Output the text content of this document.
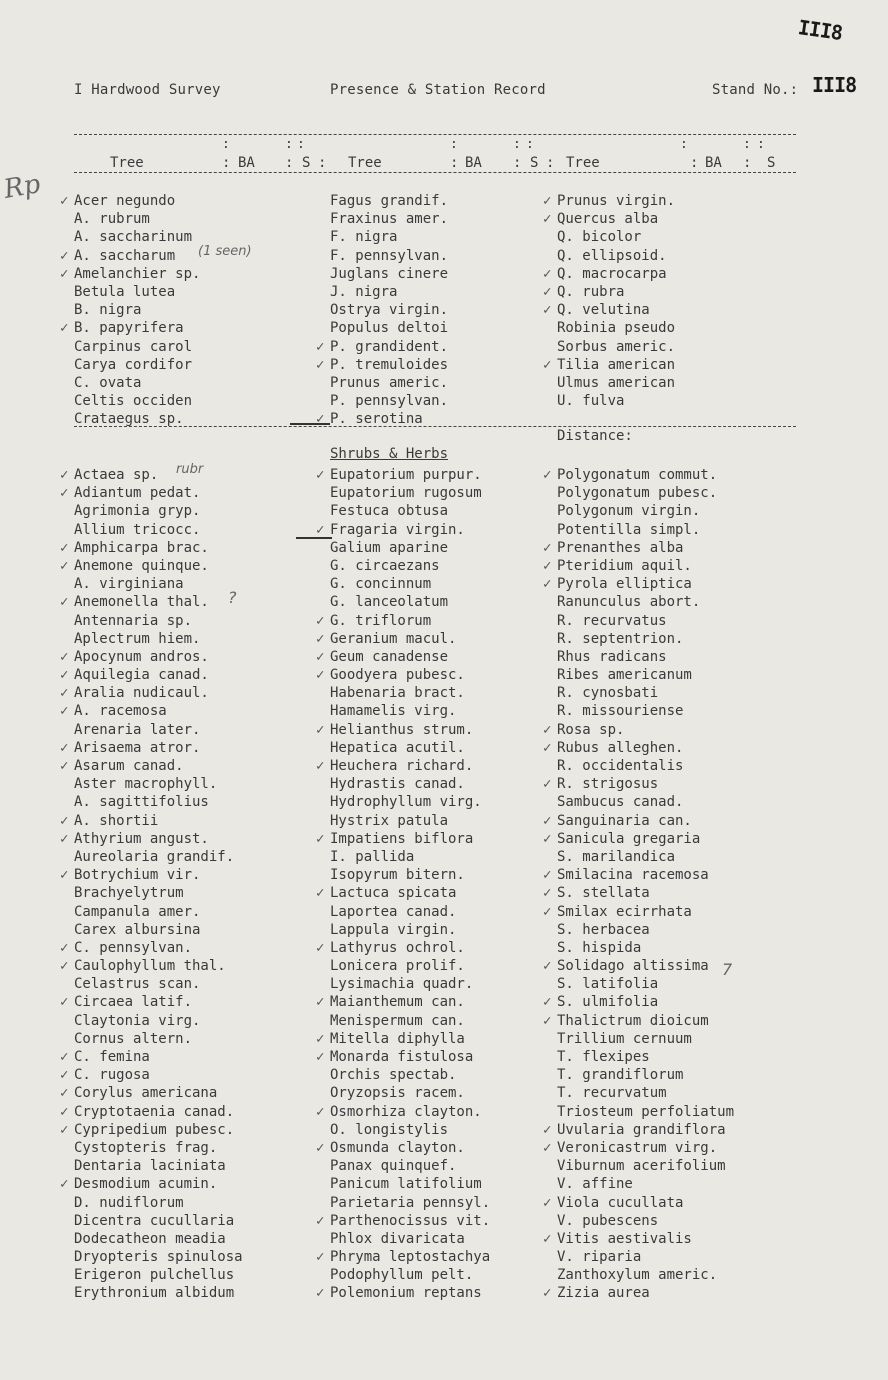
III8
I Hardwood Survey	Presence & Station Record	Stand No.: III8
Rp
:	: :	:	: :	:	: :
Tree	: BA : S : Tree	: BA : S : Tree	: BA : S
✓ Acer negundo
A. rubrum
A. saccharinum
✓ A. saccharum
✓ Amelanchier sp.
Betula lutea
B. nigra
✓ B. papyrifera
Carpinus carol
Carya cordifor
C. ovata
Celtis occiden
Crataegus sp.
Fagus grandif.
Fraxinus amer.
F. nigra
F. pennsylvan.
Juglans cinere
J. nigra
Ostrya virgin.
Populus deltoi
✓ P. grandident.
✓ P. tremuloides
Prunus americ.
P. pennsylvan.
✓ P. serotina
✓ Prunus virgin.
✓ Quercus alba
Q. bicolor
Q. ellipsoid.
✓ Q. macrocarpa
✓ Q. rubra
✓ Q. velutina
Robinia pseudo
Sorbus americ.
✓ Tilia american
Ulmus american
U. fulva
(1 seen)
Distance:
Shrubs & Herbs
✓ Actaea sp.
✓ Adiantum pedat.
Agrimonia gryp.
Allium tricocc.
✓ Amphicarpa brac.
✓ Anemone quinque.
A. virginiana
✓ Anemonella thal.
Antennaria sp.
Aplectrum hiem.
✓ Apocynum andros.
✓ Aquilegia canad.
✓ Aralia nudicaul.
✓ A. racemosa
Arenaria later.
✓ Arisaema atror.
✓ Asarum canad.
Aster macrophyll.
A. sagittifolius
✓ A. shortii
✓ Athyrium angust.
Aureolaria grandif.
✓ Botrychium vir.
Brachyelytrum
Campanula amer.
Carex albursina
✓ C. pennsylvan.
✓ Caulophyllum thal.
Celastrus scan.
✓ Circaea latif.
Claytonia virg.
Cornus altern.
✓ C. femina
✓ C. rugosa
✓ Corylus americana
✓ Cryptotaenia canad.
✓ Cypripedium pubesc.
Cystopteris frag.
Dentaria laciniata
✓ Desmodium acumin.
D. nudiflorum
Dicentra cucullaria
Dodecatheon meadia
Dryopteris spinulosa
Erigeron pulchellus
Erythronium albidum
✓ Eupatorium purpur.
Eupatorium rugosum
Festuca obtusa
✓ Fragaria virgin.
Galium aparine
G. circaezans
G. concinnum
G. lanceolatum
✓ G. triflorum
✓ Geranium macul.
✓ Geum canadense
✓ Goodyera pubesc.
Habenaria bract.
Hamamelis virg.
✓ Helianthus strum.
Hepatica acutil.
✓ Heuchera richard.
Hydrastis canad.
Hydrophyllum virg.
Hystrix patula
✓ Impatiens biflora
I. pallida
Isopyrum bitern.
✓ Lactuca spicata
Laportea canad.
Lappula virgin.
✓ Lathyrus ochrol.
Lonicera prolif.
Lysimachia quadr.
✓ Maianthemum can.
Menispermum can.
✓ Mitella diphylla
✓ Monarda fistulosa
Orchis spectab.
Oryzopsis racem.
✓ Osmorhiza clayton.
O. longistylis
✓ Osmunda clayton.
Panax quinquef.
Panicum latifolium
Parietaria pennsyl.
✓ Parthenocissus vit.
Phlox divaricata
✓ Phryma leptostachya
Podophyllum pelt.
✓ Polemonium reptans
✓ Polygonatum commut.
Polygonatum pubesc.
Polygonum virgin.
Potentilla simpl.
✓ Prenanthes alba
✓ Pteridium aquil.
✓ Pyrola elliptica
Ranunculus abort.
R. recurvatus
R. septentrion.
Rhus radicans
Ribes americanum
R. cynosbati
R. missouriense
✓ Rosa sp.
✓ Rubus alleghen.
R. occidentalis
✓ R. strigosus
Sambucus canad.
✓ Sanguinaria can.
✓ Sanicula gregaria
S. marilandica
✓ Smilacina racemosa
✓ S. stellata
✓ Smilax ecirrhata
S. herbacea
S. hispida
✓ Solidago altissima
S. latifolia
✓ S. ulmifolia
✓ Thalictrum dioicum
Trillium cernuum
T. flexipes
T. grandiflorum
T. recurvatum
Triosteum perfoliatum
✓ Uvularia grandiflora
✓ Veronicastrum virg.
Viburnum acerifolium
V. affine
✓ Viola cucullata
V. pubescens
✓ Vitis aestivalis
V. riparia
Zanthoxylum americ.
✓ Zizia aurea
rubr
?
7
